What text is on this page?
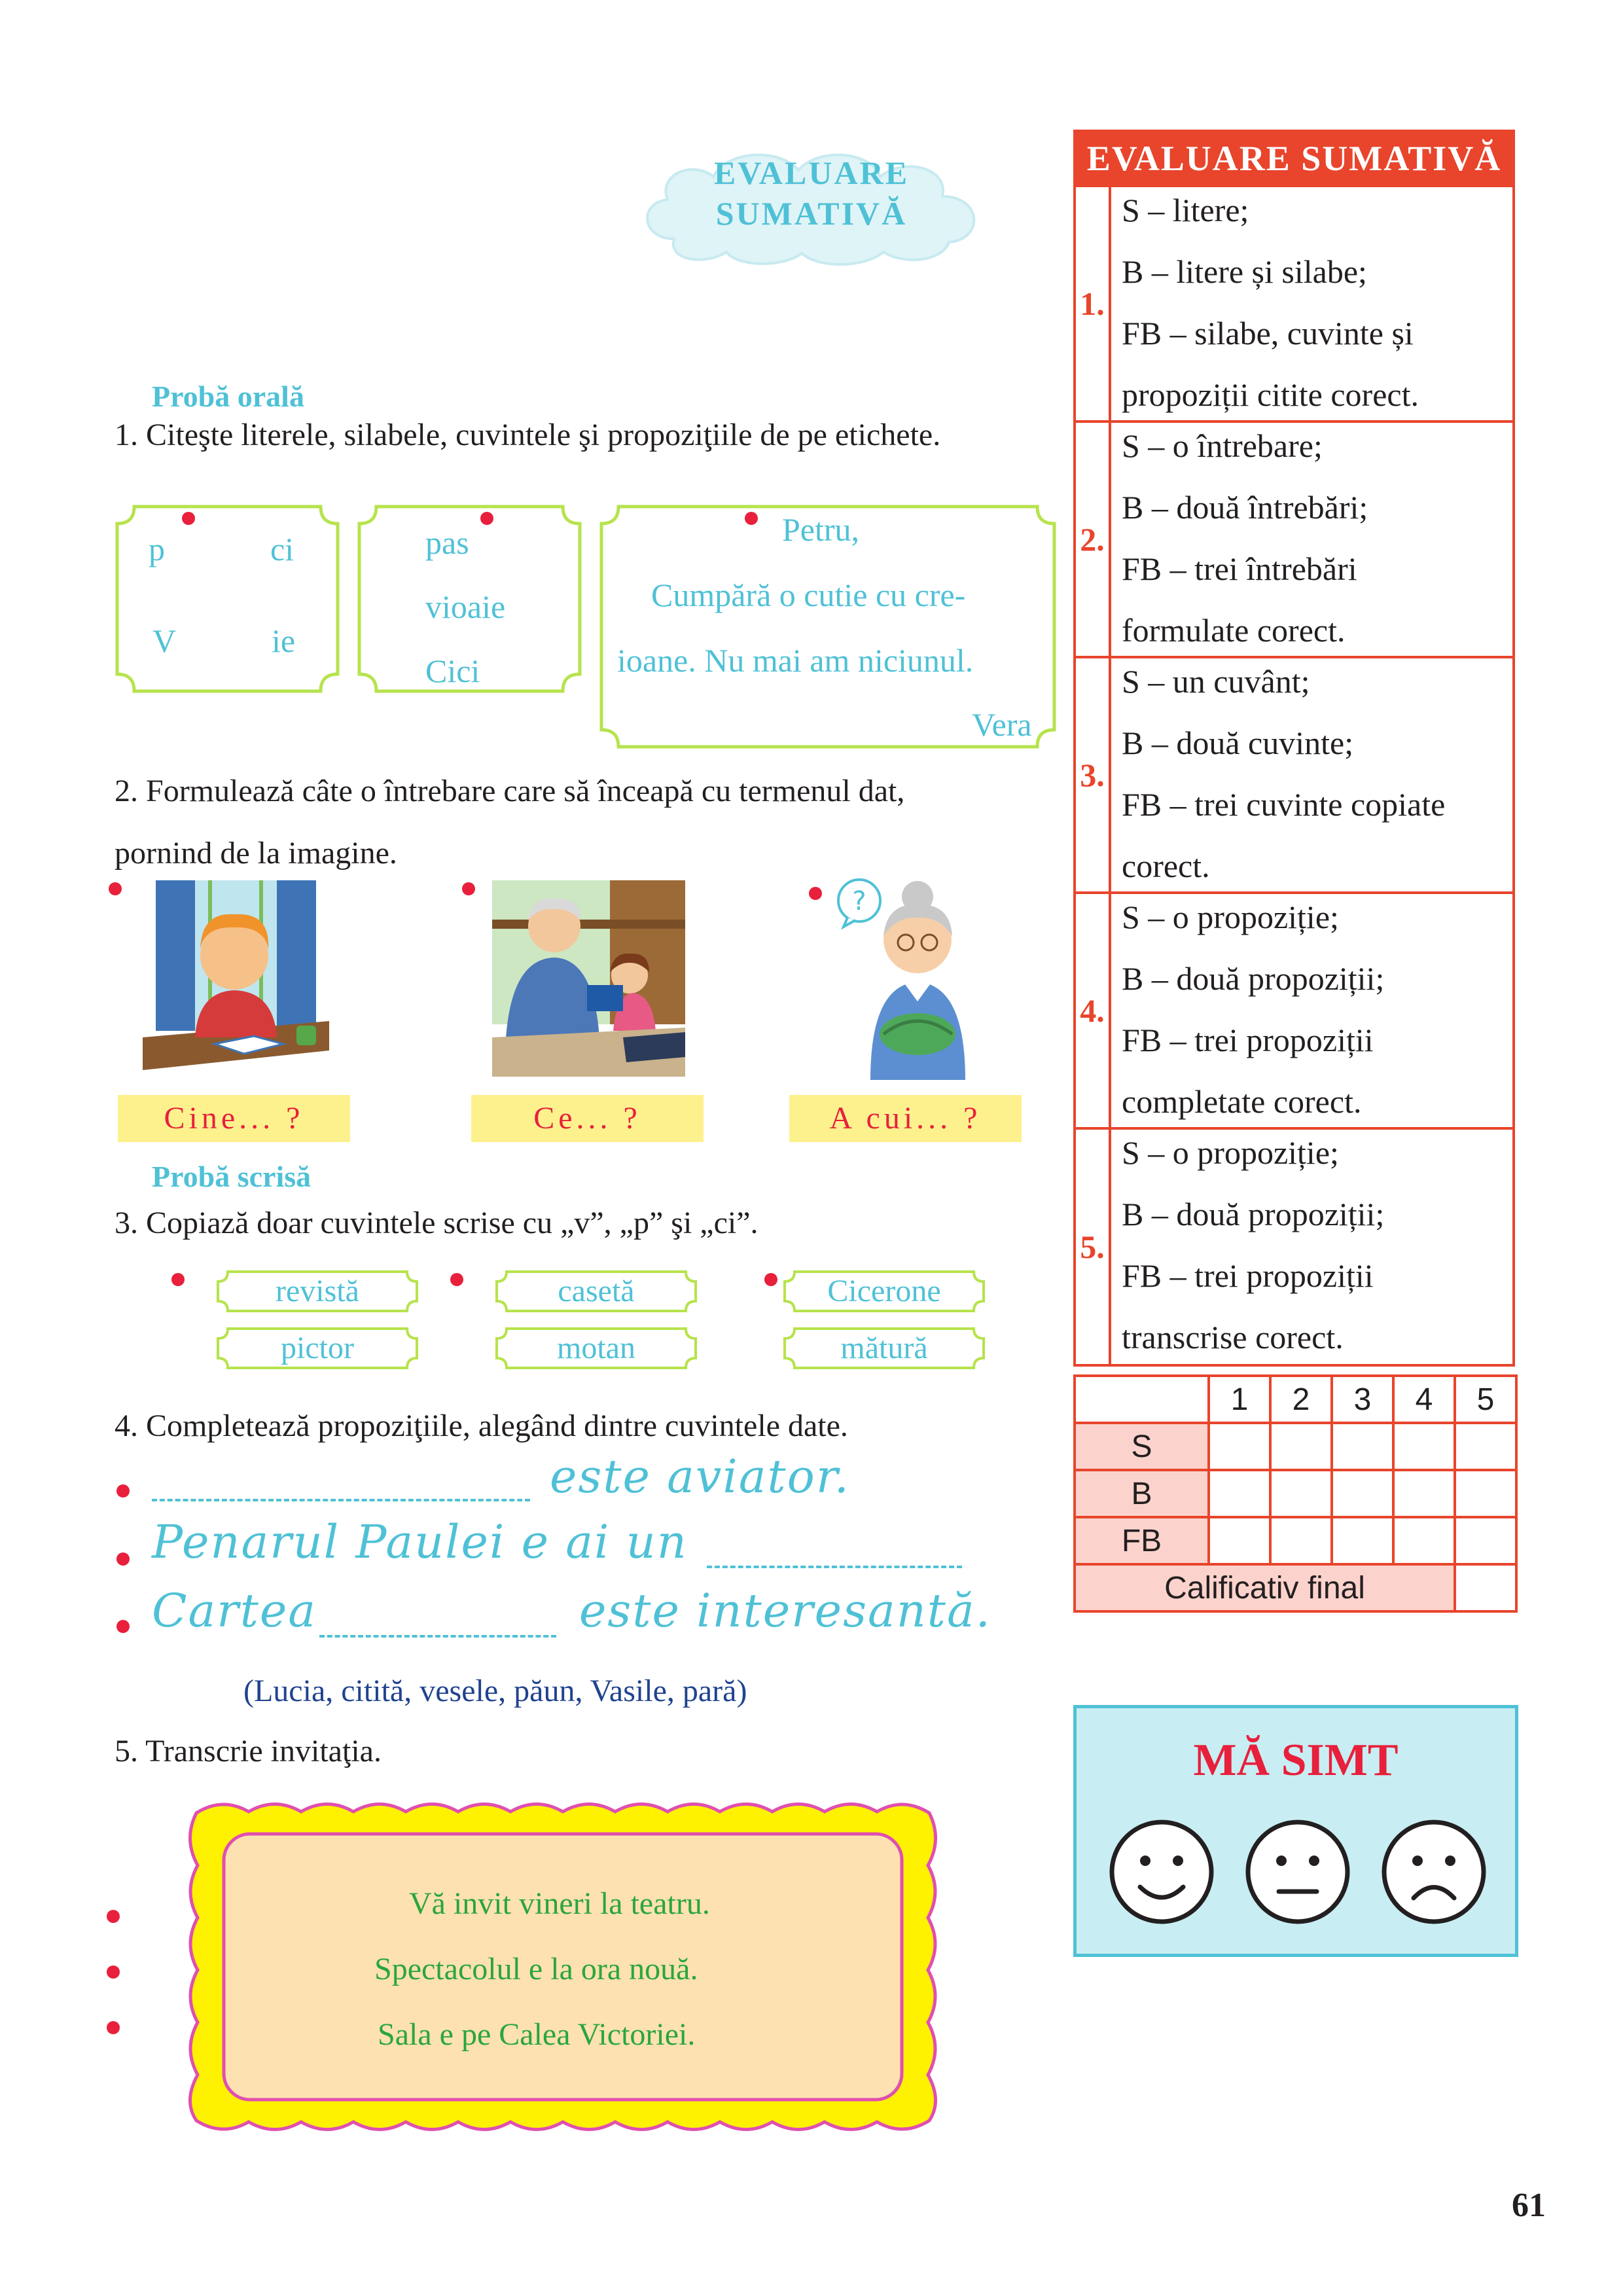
EVALUARE
SUMATIVĂ
Probă orală
1. Citeşte literele, silabele, cuvintele şi propoziţiile de pe etichete.
p	ci
V	ie
pas
vioaie
Cici
Petru,
Cumpără o cutie cu cre-
ioane. Nu mai am niciunul.
Vera
2. Formulează câte o întrebare care să înceapă cu termenul dat,
pornind de la imagine.
?
Cine... ?	Ce... ?	A cui... ?
Probă scrisă
3. Copiază doar cuvintele scrise cu „v”, „p” şi „ci”.
revistă
pictor
casetă
motan
Cicerone
mătură
4. Completează propoziţiile, alegând dintre cuvintele date.
este aviator.
Penarul Paulei e ai un
Cartea	este interesantă.
(Lucia, citită, vesele, păun, Vasile, pară)
5. Transcrie invitaţia.
Vă invit vineri la teatru.
Spectacolul e la ora nouă.
Sala e pe Calea Victoriei.
EVALUARE SUMATIVĂ
1.
S – litere;
B – litere și silabe;
FB – silabe, cuvinte și
propoziții citite corect.
2.
S – o întrebare;
B – două întrebări;
FB – trei întrebări
formulate corect.
3.
S – un cuvânt;
B – două cuvinte;
FB – trei cuvinte copiate
corect.
4.
S – o propoziție;
B – două propoziții;
FB – trei propoziții
completate corect.
5.
S – o propoziție;
B – două propoziții;
FB – trei propoziții
transcrise corect.
	1	2	3	4	5
S					
B					
FB					
Calificativ final					
MĂ SIMT
61
